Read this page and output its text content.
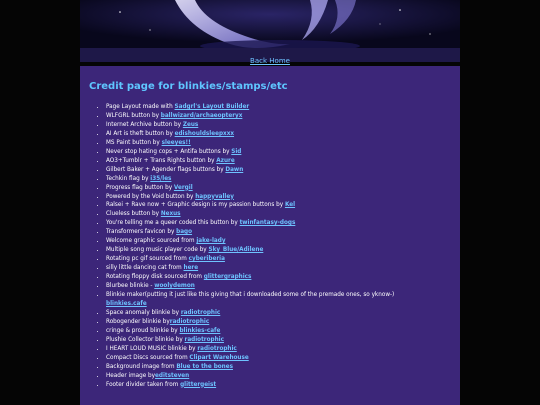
Back Home
Credit page for blinkies/stamps/etc
• Page Layout made with Sadgrl's Layout Builder
• WLFGRL button by ballwizard/archaeopteryx
• Internet Archive button by Zeus
• AI Art is theft button by edishouldsleepxxx
• MS Paint button by sleeyes!!
• Never stop hating cops + Antifa buttons by Sid
• AO3+Tumblr + Trans Rights button by Azure
• Gilbert Baker + Agender flags buttons by Dawn
• Techkin flag by i35/les
• Progress flag button by Vergil
• Powered by the Void button by happyvalley
• Ralsei + Rave now + Graphic design is my passion buttons by Kel
• Clueless button by Nexus
• You're telling me a queer coded this button by twinfantasy-dogs
• Transformers favicon by bago
• Welcome graphic sourced from jake-lady
• Multiple song music player code by Sky_Blue/Adilene
• Rotating pc gif sourced from cyberiberia
• silly little dancing cat from here
• Rotating floppy disk sourced from glittergraphics
• Blurbee blinkie - woolydemon
• Blinkie maker(putting it just like this giving that i downloaded some of the premade ones, so yknow-) blinkies.cafe
• Space anomaly blinkie by radiotrophic
• Robogender blinkie byradiotrophic
• cringe & proud blinkie by blinkies-cafe
• Plushie Collector blinkie by radiotrophic
• I HEART LOUD MUSIC blinkie by radiotrophic
• Compact Discs sourced from Clipart Warehouse
• Background image from Blue to the bones
• Header image byeditsteven
• Footer divider taken from glittergeist
